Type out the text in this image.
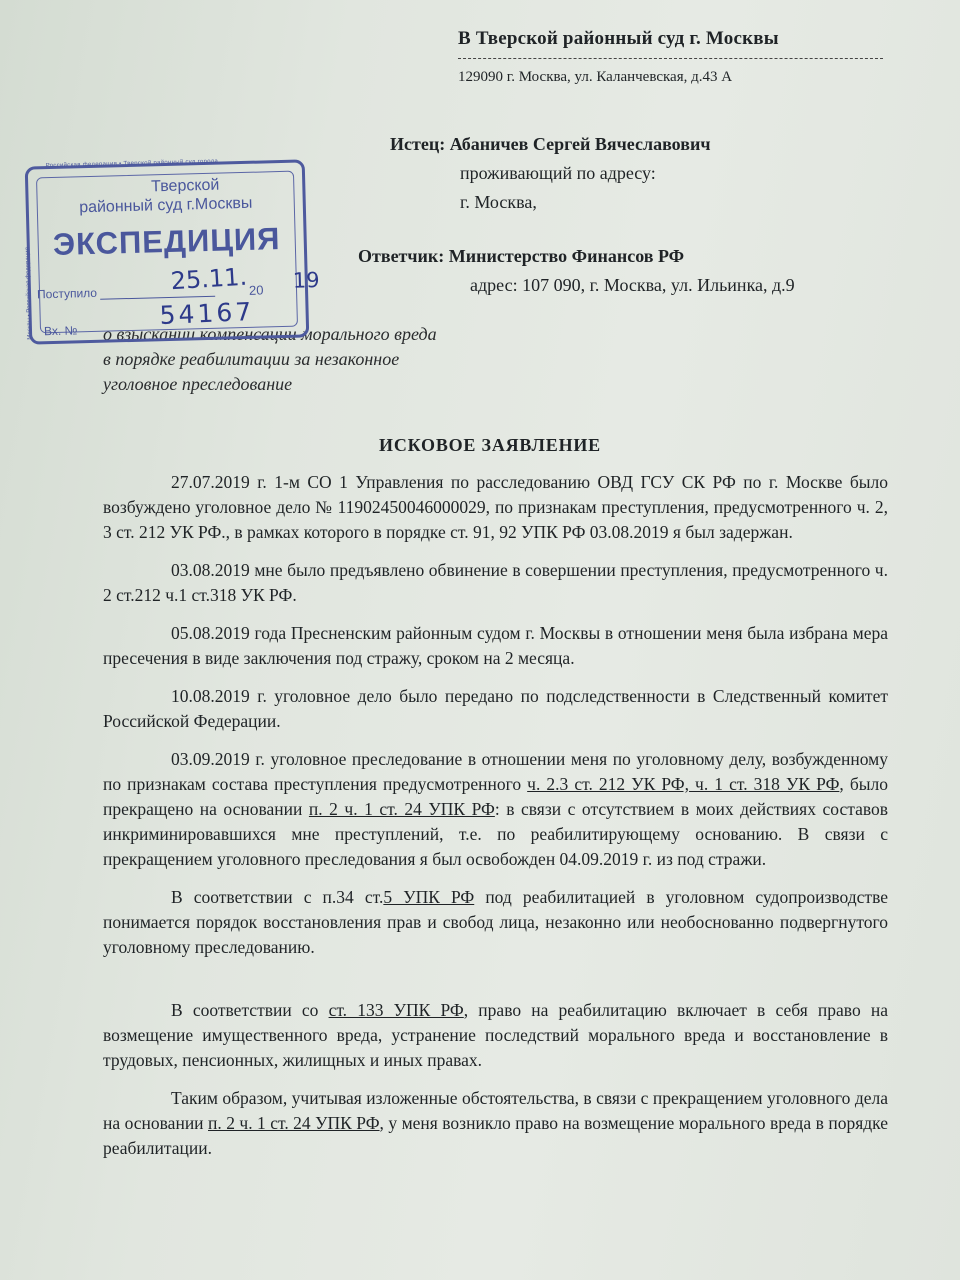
В Тверской районный суд г. Москвы
129090 г. Москва, ул. Каланчевская, д.43 А
Истец: Абаничев Сергей Вячеславович
проживающий по адресу:
г. Москва,
Ответчик: Министерство Финансов РФ
адрес: 107 090, г. Москва, ул. Ильинка, д.9
о взыскании компенсации морального вреда
в порядке реабилитации за незаконное
уголовное преследование
Российская федерация • Тверской районный суд города
Москвы • Российская федерация
Тверской
районный суд г.Москвы
ЭКСПЕДИЦИЯ
Поступило	20
Вх. №
25.11. 19
54167
ИСКОВОЕ ЗАЯВЛЕНИЕ

27.07.2019 г. 1-м СО 1 Управления по расследованию ОВД ГСУ СК РФ по г. Москве было возбуждено уголовное дело № 11902450046000029, по признакам преступления, предусмотренного ч. 2, 3 ст. 212 УК РФ., в рамках которого в порядке ст. 91, 92 УПК РФ 03.08.2019 я был задержан.

03.08.2019 мне было предъявлено обвинение в совершении преступления, предусмотренного ч. 2 ст.212 ч.1 ст.318 УК РФ.

05.08.2019 года Пресненским районным судом г. Москвы в отношении меня была избрана мера пресечения в виде заключения под стражу, сроком на 2 месяца.

10.08.2019 г. уголовное дело было передано по подследственности в Следственный комитет Российской Федерации.

03.09.2019 г. уголовное преследование в отношении меня по уголовному делу, возбужденному по признакам состава преступления предусмотренного ч. 2.3 ст. 212 УК РФ, ч. 1 ст. 318 УК РФ, было прекращено на основании п. 2 ч. 1 ст. 24 УПК РФ: в связи с отсутствием в моих действиях составов инкриминировавшихся мне преступлений, т.е. по реабилитирующему основанию. В связи с прекращением уголовного преследования я был освобожден 04.09.2019 г. из под стражи.

В соответствии с п.34 ст.5 УПК РФ под реабилитацией в уголовном судопроизводстве понимается порядок восстановления прав и свобод лица, незаконно или необоснованно подвергнутого уголовному преследованию.

В соответствии со ст. 133 УПК РФ, право на реабилитацию включает в себя право на возмещение имущественного вреда, устранение последствий морального вреда и восстановление в трудовых, пенсионных, жилищных и иных правах.

Таким образом, учитывая изложенные обстоятельства, в связи с прекращением уголовного дела на основании п. 2 ч. 1 ст. 24 УПК РФ, у меня возникло право на возмещение морального вреда в порядке реабилитации.
